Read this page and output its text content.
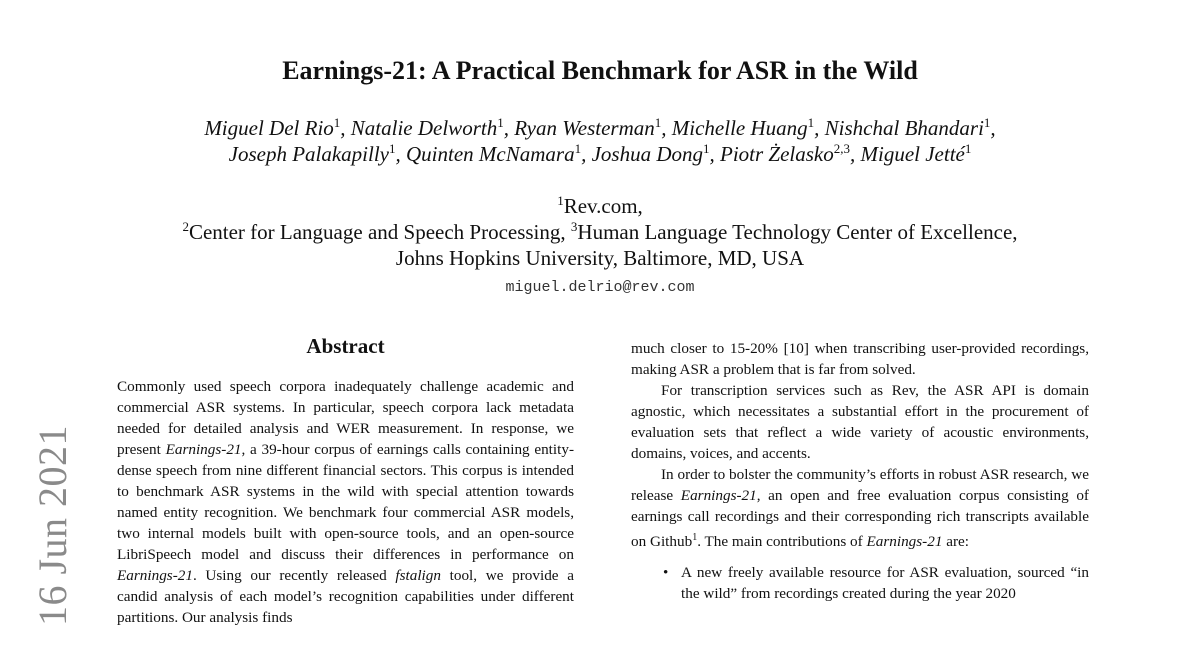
16 Jun 2021
Earnings-21: A Practical Benchmark for ASR in the Wild
Miguel Del Rio$^1$, Natalie Delworth$^1$, Ryan Westerman$^1$, Michelle Huang$^1$, Nishchal Bhandari$^1$,
Joseph Palakapilly$^1$, Quinten McNamara$^1$, Joshua Dong$^1$, Piotr Żelasko$^{2,3}$, Miguel Jetté$^1$
$^1$Rev.com,
$^2$Center for Language and Speech Processing, $^3$Human Language Technology Center of Excellence,
Johns Hopkins University, Baltimore, MD, USA
miguel.delrio@rev.com
Abstract

Commonly used speech corpora inadequately challenge academic and commercial ASR systems. In particular, speech corpora lack metadata needed for detailed analysis and WER measurement. In response, we present Earnings-21, a 39-hour corpus of earnings calls containing entity-dense speech from nine different financial sectors. This corpus is intended to benchmark ASR systems in the wild with special attention towards named entity recognition. We benchmark four commercial ASR models, two internal models built with open-source tools, and an open-source LibriSpeech model and discuss their differences in performance on Earnings-21. Using our recently released fstalign tool, we provide a candid analysis of each model’s recognition capabilities under different partitions. Our analysis finds

much closer to 15-20% [10] when transcribing user-provided recordings, making ASR a problem that is far from solved.

For transcription services such as Rev, the ASR API is domain agnostic, which necessitates a substantial effort in the procurement of evaluation sets that reflect a wide variety of acoustic environments, domains, voices, and accents.

In order to bolster the community’s efforts in robust ASR research, we release Earnings-21, an open and free evaluation corpus consisting of earnings call recordings and their corresponding rich transcripts available on Github$^1$. The main contributions of Earnings-21 are:

• A new freely available resource for ASR evaluation, sourced “in the wild” from recordings created during the year 2020
